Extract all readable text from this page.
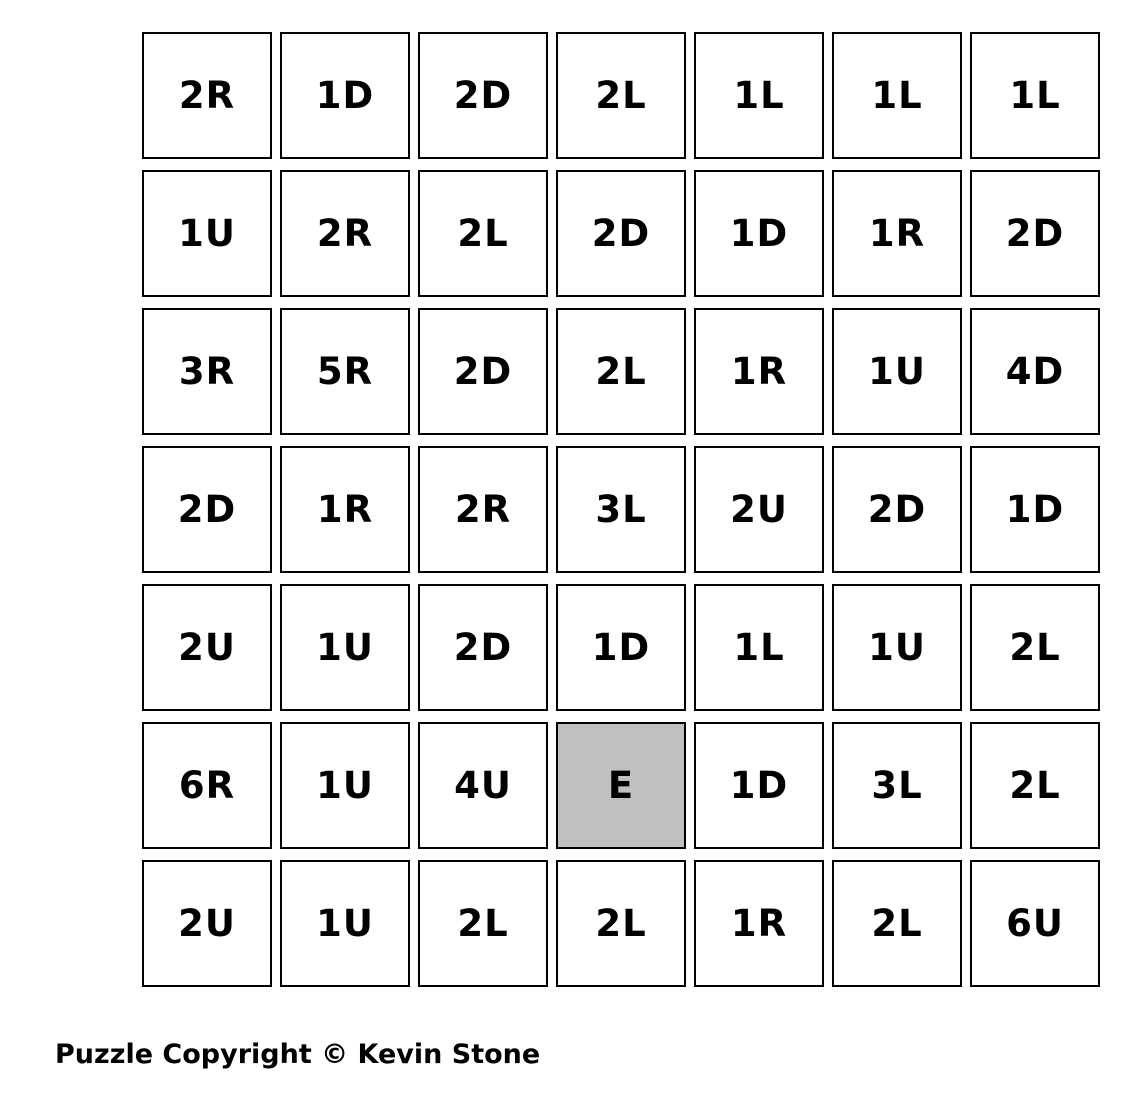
2R	1D	2D	2L	1L	1L	1L
1U	2R	2L	2D	1D	1R	2D
3R	5R	2D	2L	1R	1U	4D
2D	1R	2R	3L	2U	2D	1D
2U	1U	2D	1D	1L	1U	2L
6R	1U	4U	E	1D	3L	2L
2U	1U	2L	2L	1R	2L	6U
Puzzle Copyright © Kevin Stone
